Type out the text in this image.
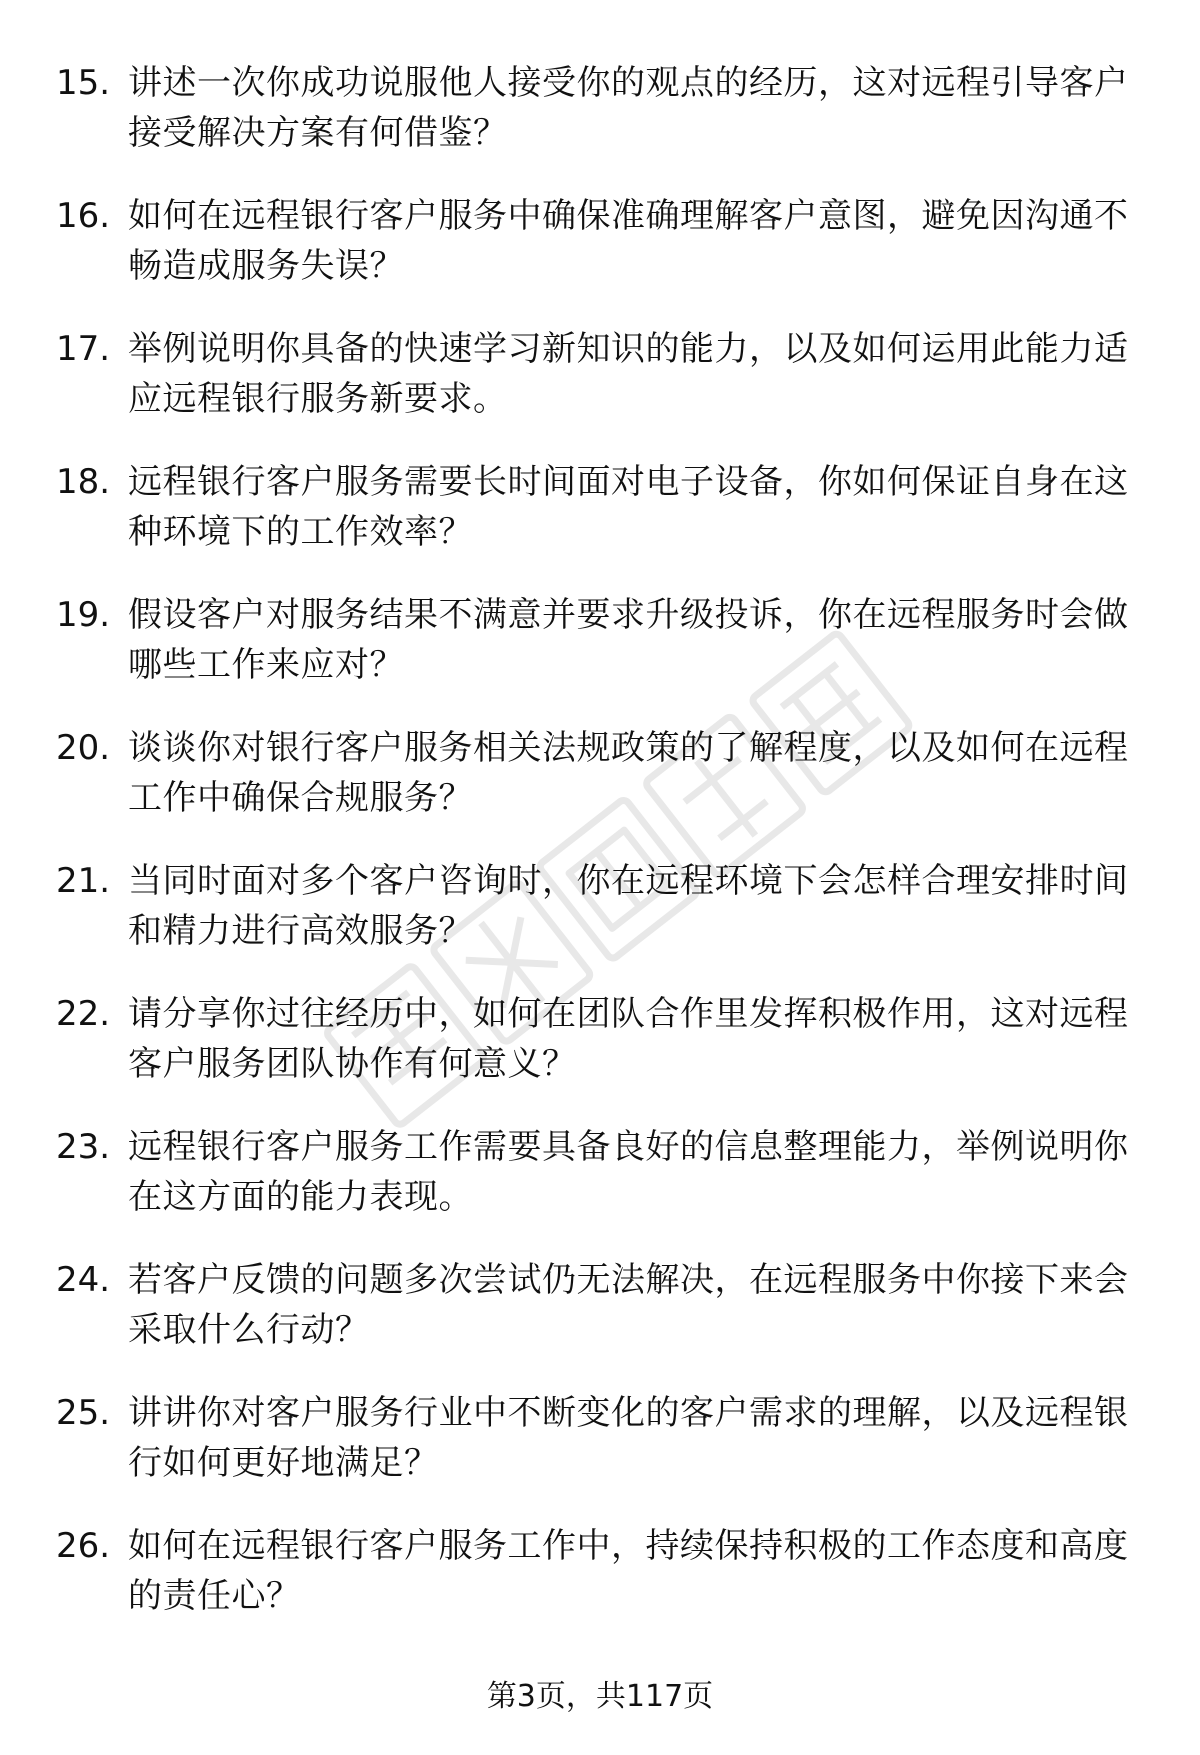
15. 讲述一次你成功说服他人接受你的观点的经历，这对远程引导客户接受解决方案有何借鉴？
16. 如何在远程银行客户服务中确保准确理解客户意图，避免因沟通不畅造成服务失误？
17. 举例说明你具备的快速学习新知识的能力，以及如何运用此能力适应远程银行服务新要求。
18. 远程银行客户服务需要长时间面对电子设备，你如何保证自身在这种环境下的工作效率？
19. 假设客户对服务结果不满意并要求升级投诉，你在远程服务时会做哪些工作来应对？
20. 谈谈你对银行客户服务相关法规政策的了解程度，以及如何在远程工作中确保合规服务？
21. 当同时面对多个客户咨询时，你在远程环境下会怎样合理安排时间和精力进行高效服务？
22. 请分享你过往经历中，如何在团队合作里发挥积极作用，这对远程客户服务团队协作有何意义？
23. 远程银行客户服务工作需要具备良好的信息整理能力，举例说明你在这方面的能力表现。
24. 若客户反馈的问题多次尝试仍无法解决，在远程服务中你接下来会采取什么行动？
25. 讲讲你对客户服务行业中不断变化的客户需求的理解，以及远程银行如何更好地满足？
26. 如何在远程银行客户服务工作中，持续保持积极的工作态度和高度的责任心？
第3页，共117页
